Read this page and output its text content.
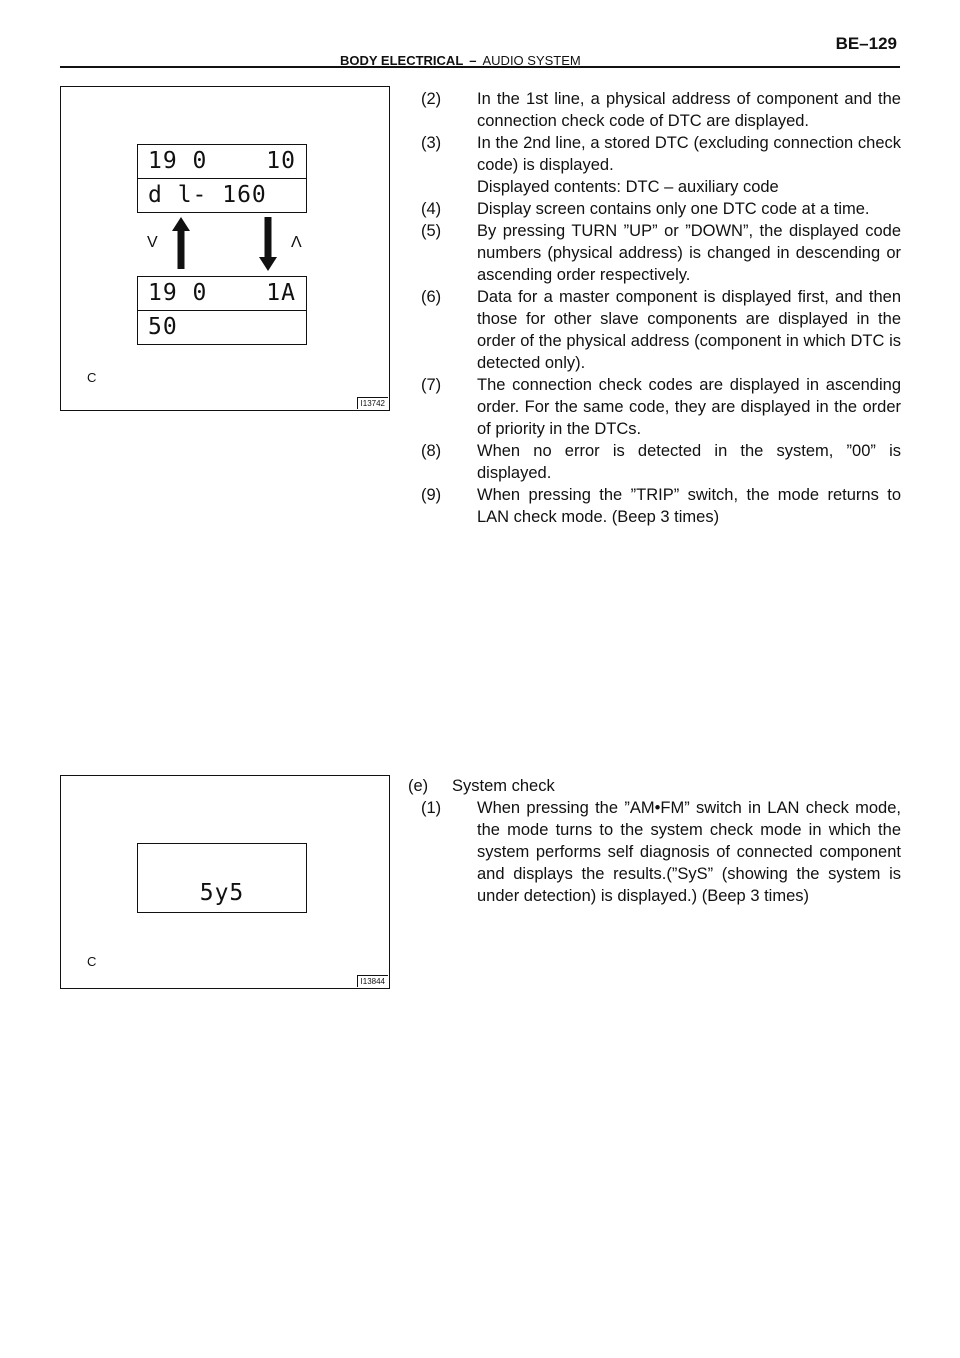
BE–129
BODY ELECTRICAL – AUDIO SYSTEM
19 0	10
d l- 160
V	Λ
19 0	1A
50
C
I13742
(2)	In the 1st line, a physical address of component and the connection check code of DTC are displayed.

(3)	In the 2nd line, a stored DTC (excluding connection check code) is displayed.

Displayed contents: DTC – auxiliary code

(4)	Display screen contains only one DTC code at a time.

(5)	By pressing TURN ”UP” or ”DOWN”, the displayed code numbers (physical address) is changed in descending or ascending order respectively.

(6)	Data for a master component is displayed first, and then those for other slave components are displayed in the order of the physical address (component in which DTC is detected only).

(7)	The connection check codes are displayed in ascending order. For the same code, they are displayed in the order of priority in the DTCs.

(8)	When no error is detected in the system, ”00” is displayed.

(9)	When pressing the ”TRIP” switch, the mode returns to LAN check mode. (Beep 3 times)

5y5
C
I13844
(e)	System check
(1)	When pressing the ”AM•FM” switch in LAN check mode, the mode turns to the system check mode in which the system performs self diagnosis of connected component and displays the results.(”SyS” (showing the system is under detection) is displayed.) (Beep 3 times)
